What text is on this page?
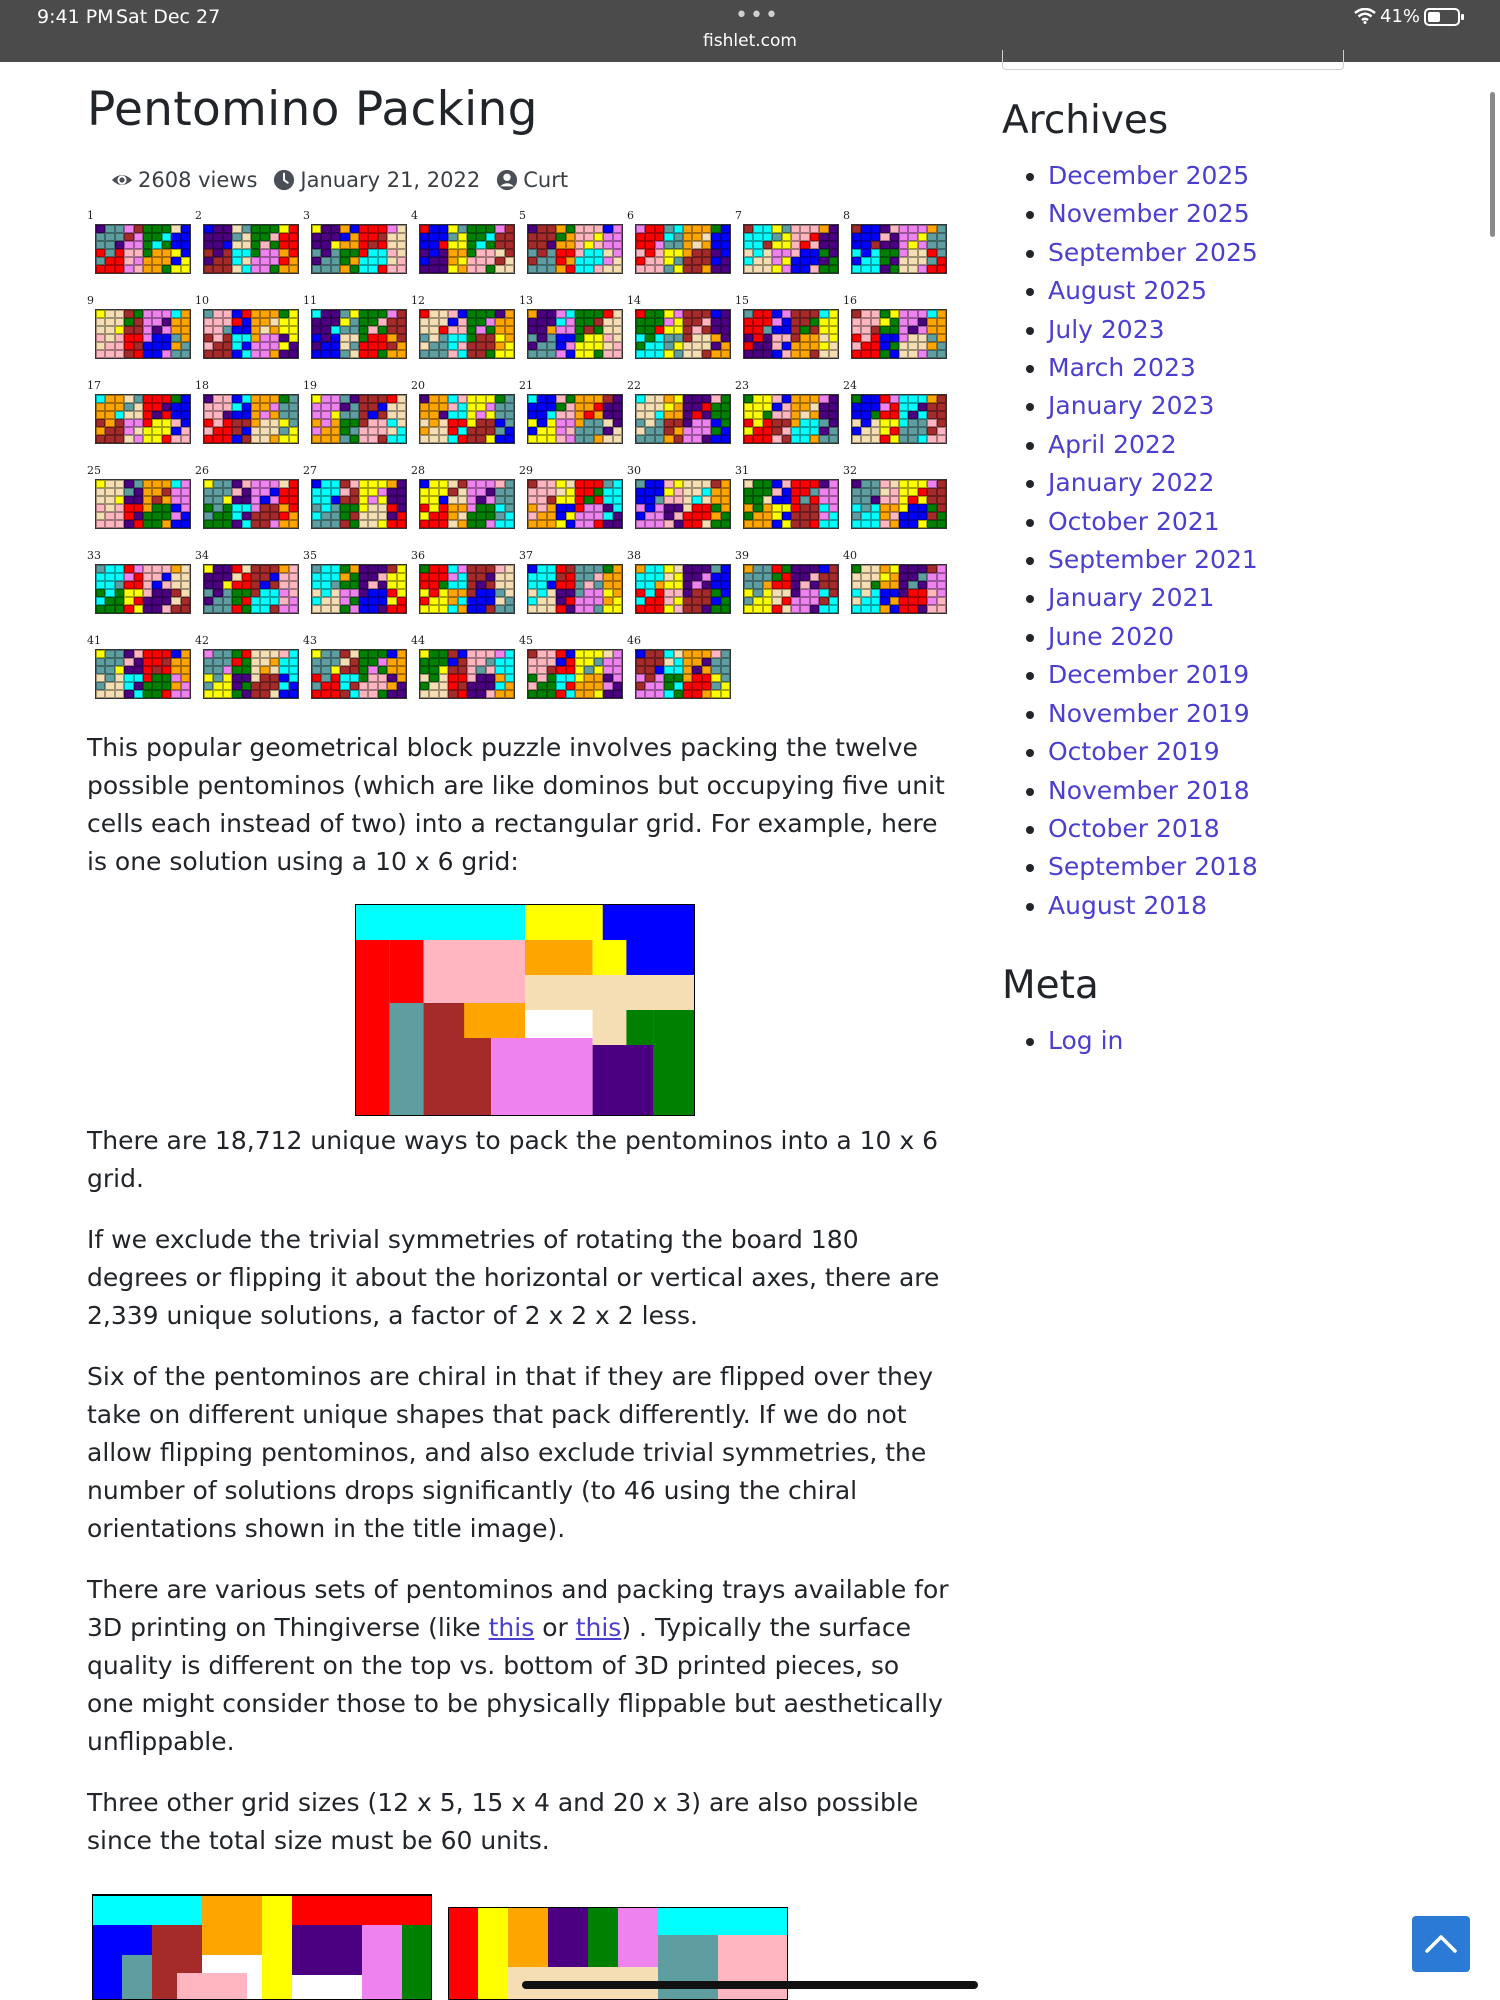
9:41 PM Sat Dec 27	•••
fishlet.com
41%
Pentomino Packing
2608 views January 21, 2022 Curt
1	2	3	4	5	6	7	8
9	10	11	12	13	14	15	16
17	18	19	20	21	22	23	24
25	26	27	28	29	30	31	32
33	34	35	36	37	38	39	40
41	42	43	44	45	46

This popular geometrical block puzzle involves packing the twelve possible pentominos (which are like dominos but occupying five unit cells each instead of two) into a rectangular grid. For example, here is one solution using a 10 x 6 grid:

There are 18,712 unique ways to pack the pentominos into a 10 x 6 grid.

If we exclude the trivial symmetries of rotating the board 180 degrees or flipping it about the horizontal or vertical axes, there are 2,339 unique solutions, a factor of 2 x 2 x 2 less.

Six of the pentominos are chiral in that if they are flipped over they take on different unique shapes that pack differently. If we do not allow flipping pentominos, and also exclude trivial symmetries, the number of solutions drops significantly (to 46 using the chiral orientations shown in the title image).

There are various sets of pentominos and packing trays available for 3D printing on Thingiverse (like this or this) . Typically the surface quality is different on the top vs. bottom of 3D printed pieces, so one might consider those to be physically flippable but aesthetically unflippable.

Three other grid sizes (12 x 5, 15 x 4 and 20 x 3) are also possible since the total size must be 60 units.

Archives
• December 2025
• November 2025
• September 2025
• August 2025
• July 2023
• March 2023
• January 2023
• April 2022
• January 2022
• October 2021
• September 2021
• January 2021
• June 2020
• December 2019
• November 2019
• October 2019
• November 2018
• October 2018
• September 2018
• August 2018
Meta
• Log in
